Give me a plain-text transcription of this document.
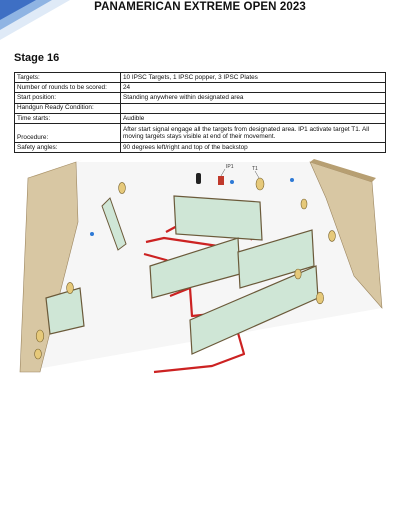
PANAMERICAN EXTREME OPEN 2023
Stage 16
Targets:	10 IPSC Targets, 1 IPSC popper, 3 IPSC Plates
Number of rounds to be scored:	24
Start position:	Standing anywhere within designated area
Handgun Ready Condition:	
Time starts:	Audible
Procedure:	After start signal engage all the targets from designated area. IP1 activate target T1. All moving targets stays visible at end of their movement.
Safety angles:	90 degrees left/right and top of the backstop
IP1	T1
